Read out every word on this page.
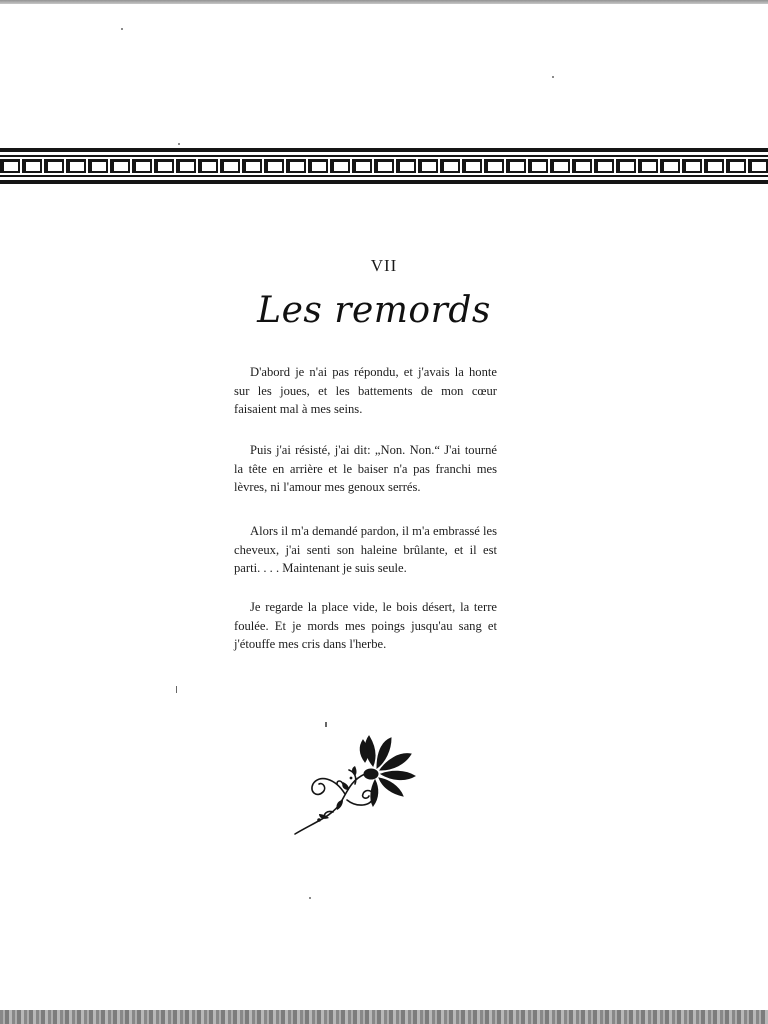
VII
Les remords

D'abord je n'ai pas répondu, et j'avais la honte sur les joues, et les battements de mon cœur faisaient mal à mes seins.

Puis j'ai résisté, j'ai dit: „Non. Non.“ J'ai tourné la tête en arrière et le baiser n'a pas franchi mes lèvres, ni l'amour mes genoux serrés.

Alors il m'a demandé pardon, il m'a embrassé les cheveux, j'ai senti son haleine brûlante, et il est parti. . . . Maintenant je suis seule.

Je regarde la place vide, le bois désert, la terre foulée. Et je mords mes poings jusqu'au sang et j'étouffe mes cris dans l'herbe.
